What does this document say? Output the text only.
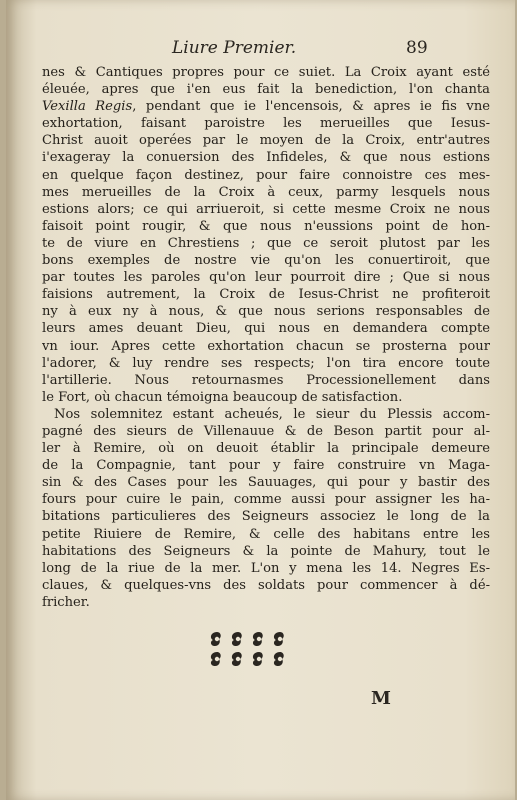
Liure Premier.	89
nes & Cantiques propres pour ce suiet. La Croix ayant esté
éleuée, apres que i'en eus fait la benediction, l'on chanta
Vexilla Regis, pendant que ie l'encensois, & apres ie fis vne
exhortation, faisant paroistre les merueilles que Iesus-
Christ auoit operées par le moyen de la Croix, entr'autres
i'exageray la conuersion des Infideles, & que nous estions
en quelque façon destinez, pour faire connoistre ces mes-
mes merueilles de la Croix à ceux, parmy lesquels nous
estions alors; ce qui arriueroit, si cette mesme Croix ne nous
faisoit point rougir, & que nous n'eussions point de hon-
te de viure en Chrestiens ; que ce seroit plutost par les
bons exemples de nostre vie qu'on les conuertiroit, que
par toutes les paroles qu'on leur pourroit dire ; Que si nous
faisions autrement, la Croix de Iesus-Christ ne profiteroit
ny à eux ny à nous, & que nous serions responsables de
leurs ames deuant Dieu, qui nous en demandera compte
vn iour. Apres cette exhortation chacun se prosterna pour
l'adorer, & luy rendre ses respects; l'on tira encore toute
l'artillerie. Nous retournasmes Processionellement dans
le Fort, où chacun témoigna beaucoup de satisfaction.
Nos solemnitez estant acheués, le sieur du Plessis accom-
pagné des sieurs de Villenauue & de Beson partit pour al-
ler à Remire, où on deuoit établir la principale demeure
de la Compagnie, tant pour y faire construire vn Maga-
sin & des Cases pour les Sauuages, qui pour y bastir des
fours pour cuire le pain, comme aussi pour assigner les ha-
bitations particulieres des Seigneurs associez le long de la
petite Riuiere de Remire, & celle des habitans entre les
habitations des Seigneurs & la pointe de Mahury, tout le
long de la riue de la mer. L'on y mena les 14. Negres Es-
claues, & quelques-vns des soldats pour commencer à dé-
fricher.
M
